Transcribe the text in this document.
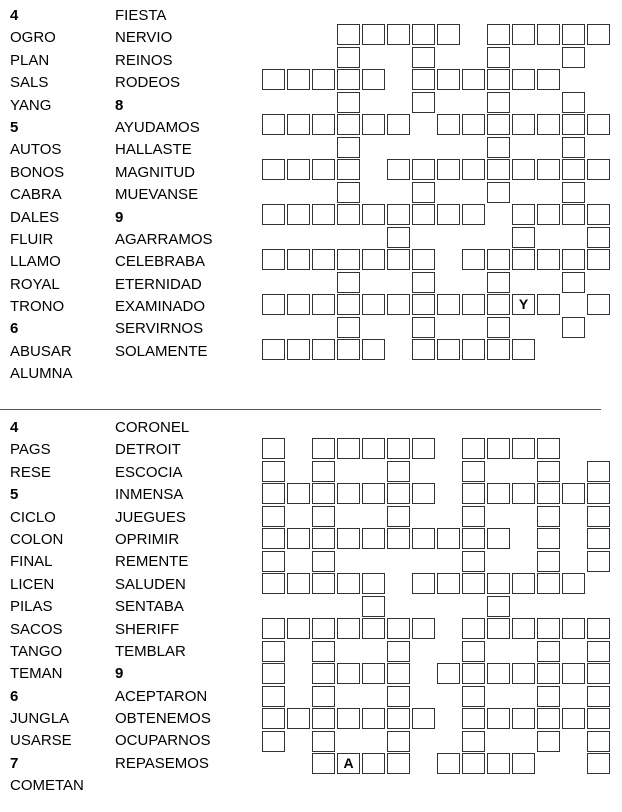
4
OGRO
PLAN
SALS
YANG
5
AUTOS
BONOS
CABRA
DALES
FLUIR
LLAMO
ROYAL
TRONO
6
ABUSAR
ALUMNA
FIESTA
NERVIO
REINOS
RODEOS
8
AYUDAMOS
HALLASTE
MAGNITUD
MUEVANSE
9
AGARRAMOS
CELEBRABA
ETERNIDAD
EXAMINADO
SERVIRNOS
SOLAMENTE
Y
4
PAGS
RESE
5
CICLO
COLON
FINAL
LICEN
PILAS
SACOS
TANGO
TEMAN
6
JUNGLA
USARSE
7
COMETAN
CORONEL
DETROIT
ESCOCIA
INMENSA
JUEGUES
OPRIMIR
REMENTE
SALUDEN
SENTABA
SHERIFF
TEMBLAR
9
ACEPTARON
OBTENEMOS
OCUPARNOS
REPASEMOS	A
